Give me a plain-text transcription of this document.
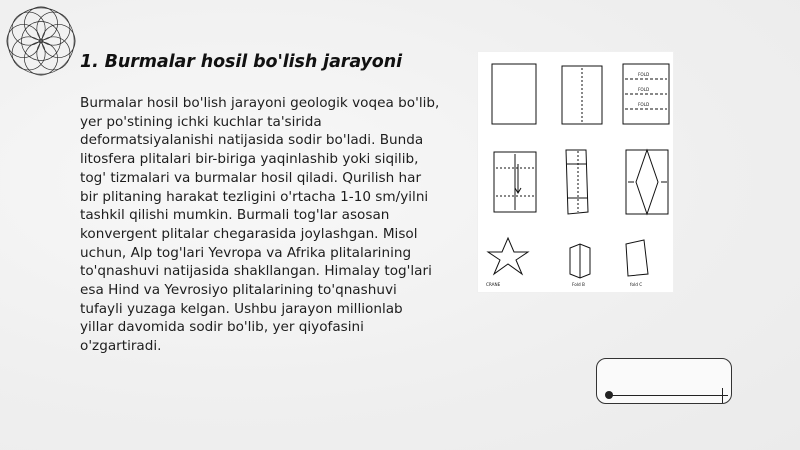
1. Burmalar hosil bo'lish jarayoni

Burmalar hosil bo'lish jarayoni geologik voqea bo'lib, yer po'stining ichki kuchlar ta'sirida deformatsiyalanishi natijasida sodir bo'ladi. Bunda litosfera plitalari bir-biriga yaqinlashib yoki siqilib, tog' tizmalari va burmalar hosil qiladi. Qurilish har bir plitaning harakat tezligini o'rtacha 1-10 sm/yilni tashkil qilishi mumkin. Burmali tog'lar asosan konvergent plitalar chegarasida joylashgan. Misol uchun, Alp tog'lari Yevropa va Afrika plitalarining to'qnashuvi natijasida shakllangan. Himalay tog'lari esa Hind va Yevrosiyo plitalarining to'qnashuvi tufayli yuzaga kelgan. Ushbu jarayon millionlab yillar davomida sodir bo'lib, yer qiyofasini o'zgartiradi.

FOLD
FOLD
FOLD
CRANE	Fold B	fold C
